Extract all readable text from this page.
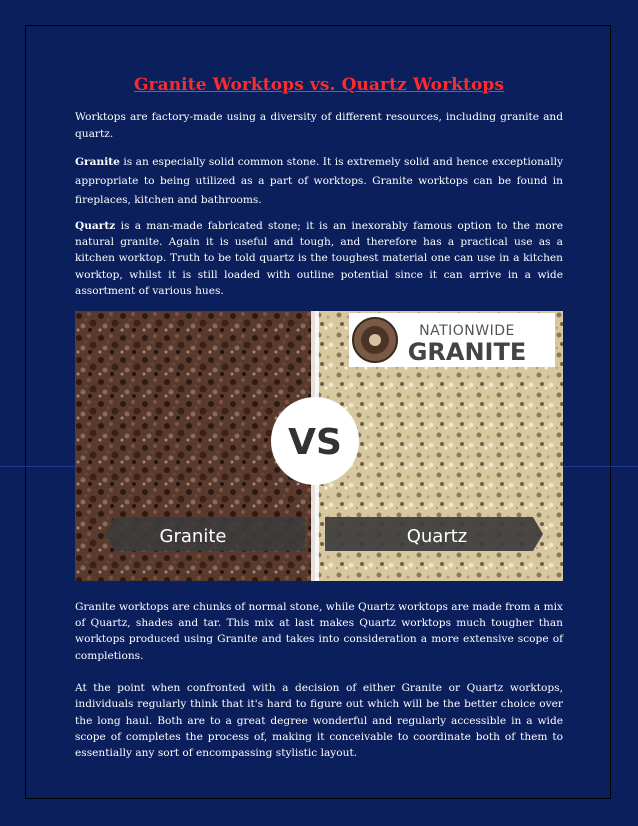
Granite Worktops vs. Quartz Worktops

Worktops are factory-made using a diversity of different resources, including granite and quartz.

Granite is an especially solid common stone. It is extremely solid and hence exceptionally appropriate to being utilized as a part of worktops. Granite worktops can be found in fireplaces, kitchen and bathrooms.

Quartz is a man-made fabricated stone; it is an inexorably famous option to the more natural granite. Again it is useful and tough, and therefore has a practical use as a kitchen worktop. Truth to be told quartz is the toughest material one can use in a kitchen worktop, whilst it is still loaded with outline potential since it can arrive in a wide assortment of various hues.

NATIONWIDE
GRANITE
VS
Granite	Quartz

Granite worktops are chunks of normal stone, while Quartz worktops are made from a mix of Quartz, shades and tar. This mix at last makes Quartz worktops much tougher than worktops produced using Granite and takes into consideration a more extensive scope of completions.

At the point when confronted with a decision of either Granite or Quartz worktops, individuals regularly think that it's hard to figure out which will be the better choice over the long haul. Both are to a great degree wonderful and regularly accessible in a wide scope of completes the process of, making it conceivable to coordinate both of them to essentially any sort of encompassing stylistic layout.
